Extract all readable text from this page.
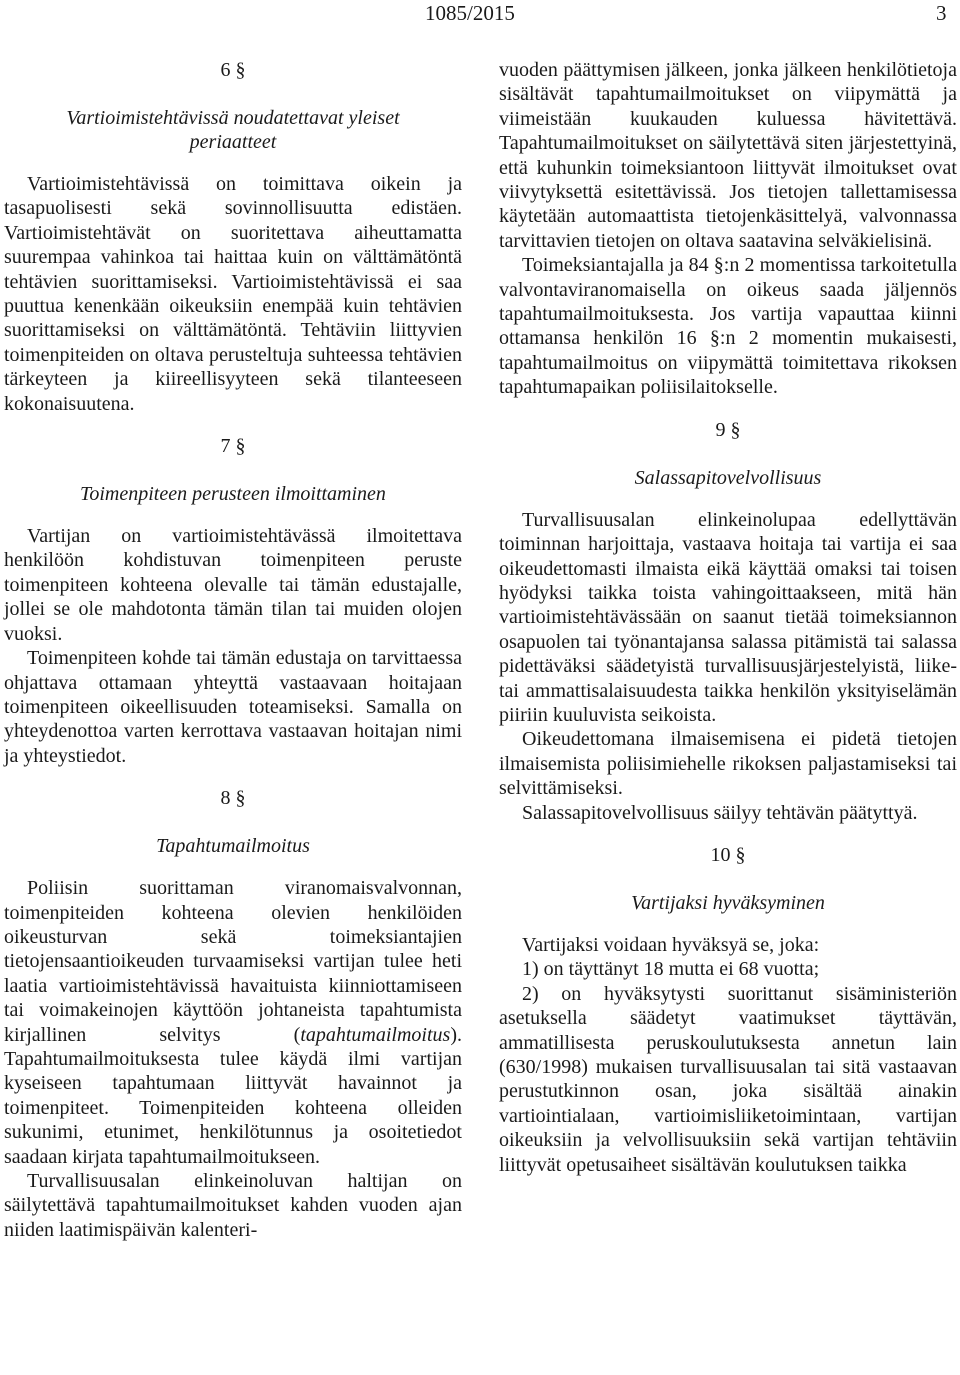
1085/2015	3
6 §
Vartioimistehtävissä noudatettavat yleiset
periaatteet

Vartioimistehtävissä on toimittava oikein ja tasapuolisesti sekä sovinnollisuutta edistäen. Vartioimistehtävät on suoritettava aiheuttamatta suurempaa vahinkoa tai haittaa kuin on välttämätöntä tehtävien suorittamiseksi. Vartioimistehtävissä ei saa puuttua kenenkään oikeuksiin enempää kuin tehtävien suorittamiseksi on välttämätöntä. Tehtäviin liittyvien toimenpiteiden on oltava perusteltuja suhteessa tehtävien tärkeyteen ja kiireellisyyteen sekä tilanteeseen kokonaisuutena.

7 §
Toimenpiteen perusteen ilmoittaminen

Vartijan on vartioimistehtävässä ilmoitettava henkilöön kohdistuvan toimenpiteen peruste toimenpiteen kohteena olevalle tai tämän edustajalle, jollei se ole mahdotonta tämän tilan tai muiden olojen vuoksi.

Toimenpiteen kohde tai tämän edustaja on tarvittaessa ohjattava ottamaan yhteyttä vastaavaan hoitajaan toimenpiteen oikeellisuuden toteamiseksi. Samalla on yhteydenottoa varten kerrottava vastaavan hoitajan nimi ja yhteystiedot.

8 §
Tapahtumailmoitus

Poliisin suorittaman viranomaisvalvonnan, toimenpiteiden kohteena olevien henkilöiden oikeusturvan sekä toimeksiantajien tietojensaantioikeuden turvaamiseksi vartijan tulee heti laatia vartioimistehtävissä havaituista kiinniottamiseen tai voimakeinojen käyttöön johtaneista tapahtumista kirjallinen selvitys (tapahtumailmoitus). Tapahtumailmoituksesta tulee käydä ilmi vartijan kyseiseen tapahtumaan liittyvät havainnot ja toimenpiteet. Toimenpiteiden kohteena olleiden sukunimi, etunimet, henkilötunnus ja osoitetiedot saadaan kirjata tapahtumailmoitukseen.

Turvallisuusalan elinkeinoluvan haltijan on säilytettävä tapahtumailmoitukset kahden vuoden ajan niiden laatimispäivän kalenteri-

vuoden päättymisen jälkeen, jonka jälkeen henkilötietoja sisältävät tapahtumailmoitukset on viipymättä ja viimeistään kuukauden kuluessa hävitettävä. Tapahtumailmoitukset on säilytettävä siten järjestettyinä, että kuhunkin toimeksiantoon liittyvät ilmoitukset ovat viivytyksettä esitettävissä. Jos tietojen tallettamisessa käytetään automaattista tietojenkäsittelyä, valvonnassa tarvittavien tietojen on oltava saatavina selväkielisinä.

Toimeksiantajalla ja 84 §:n 2 momentissa tarkoitetulla valvontaviranomaisella on oikeus saada jäljennös tapahtumailmoituksesta. Jos vartija vapauttaa kiinni ottamansa henkilön 16 §:n 2 momentin mukaisesti, tapahtumailmoitus on viipymättä toimitettava rikoksen tapahtumapaikan poliisilaitokselle.

9 §
Salassapitovelvollisuus

Turvallisuusalan elinkeinolupaa edellyttävän toiminnan harjoittaja, vastaava hoitaja tai vartija ei saa oikeudettomasti ilmaista eikä käyttää omaksi tai toisen hyödyksi taikka toista vahingoittaakseen, mitä hän vartioimistehtävässään on saanut tietää toimeksiannon osapuolen tai työnantajansa salassa pitämistä tai salassa pidettäväksi säädetyistä turvallisuusjärjestelyistä, liike- tai ammattisalaisuudesta taikka henkilön yksityiselämän piiriin kuuluvista seikoista.

Oikeudettomana ilmaisemisena ei pidetä tietojen ilmaisemista poliisimiehelle rikoksen paljastamiseksi tai selvittämiseksi.

Salassapitovelvollisuus säilyy tehtävän päätyttyä.

10 §
Vartijaksi hyväksyminen

Vartijaksi voidaan hyväksyä se, joka:

1) on täyttänyt 18 mutta ei 68 vuotta;

2) on hyväksytysti suorittanut sisäministeriön asetuksella säädetyt vaatimukset täyttävän, ammatillisesta peruskoulutuksesta annetun lain (630/1998) mukaisen turvallisuusalan tai sitä vastaavan perustutkinnon osan, joka sisältää ainakin vartiointialaan, vartioimisliiketoimintaan, vartijan oikeuksiin ja velvollisuuksiin sekä vartijan tehtäviin liittyvät opetusaiheet sisältävän koulutuksen taikka
